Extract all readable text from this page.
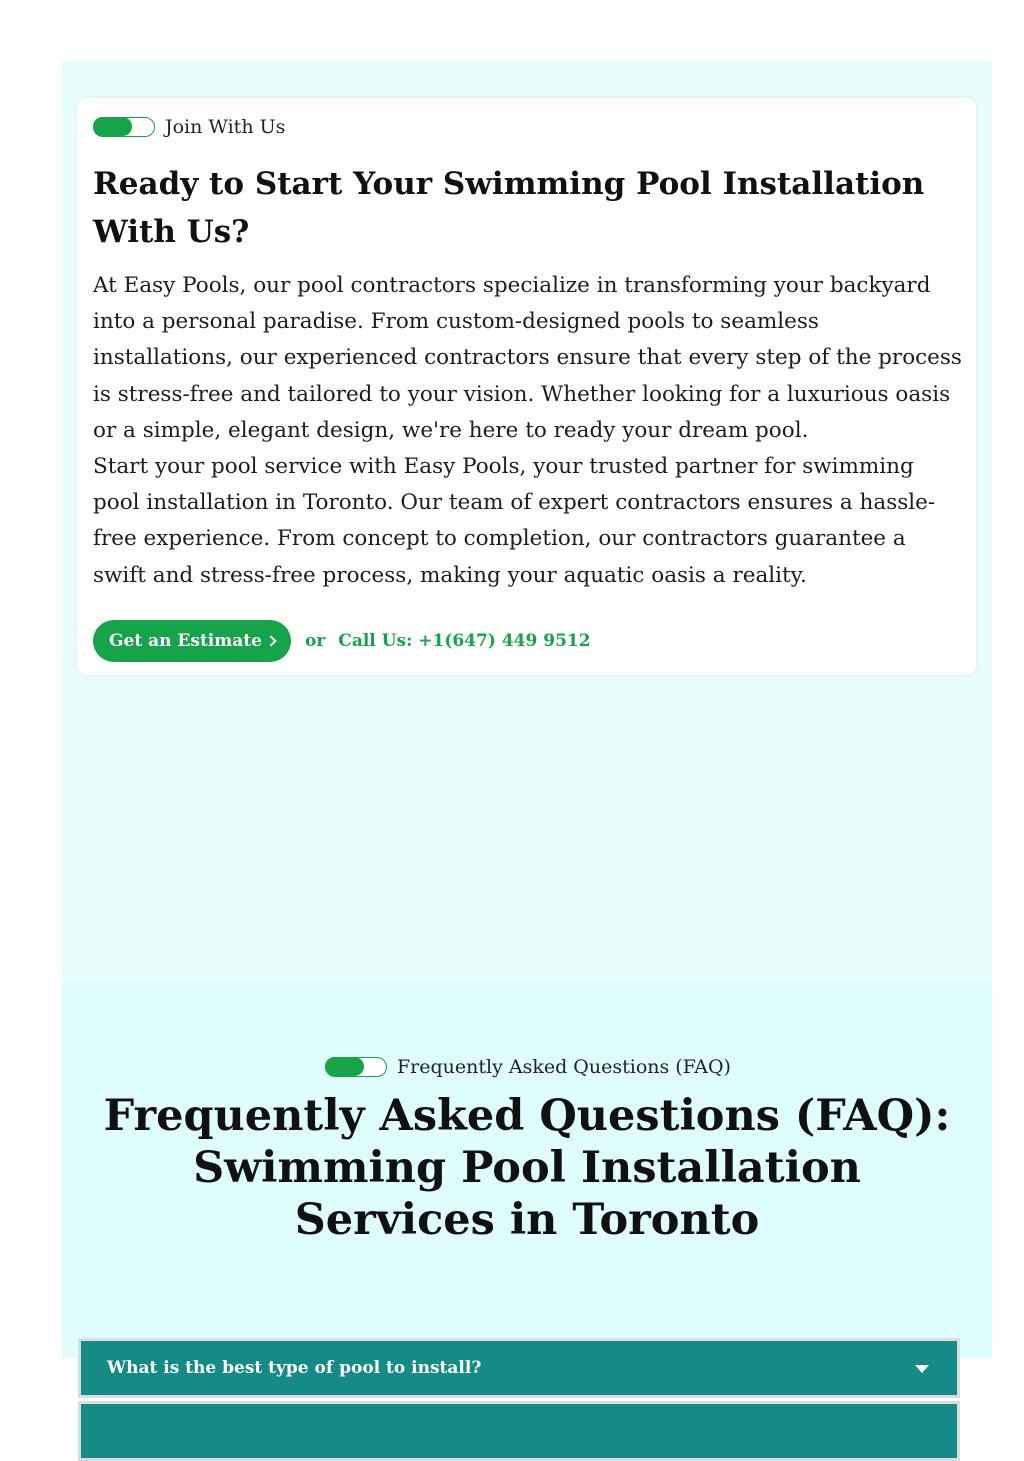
Join With Us
Ready to Start Your Swimming Pool Installation With Us?

At Easy Pools, our pool contractors specialize in transforming your backyard into a personal paradise. From custom-designed pools to seamless installations, our experienced contractors ensure that every step of the process is stress-free and tailored to your vision. Whether looking for a luxurious oasis or a simple, elegant design, we're here to ready your dream pool.

Start your pool service with Easy Pools, your trusted partner for swimming pool installation in Toronto. Our team of expert contractors ensures a hassle-free experience. From concept to completion, our contractors guarantee a swift and stress-free process, making your aquatic oasis a reality.

Get an Estimate	or Call Us: +1(647) 449 9512
Frequently Asked Questions (FAQ)
Frequently Asked Questions (FAQ): Swimming Pool Installation Services in Toronto
What is the best type of pool to install?
